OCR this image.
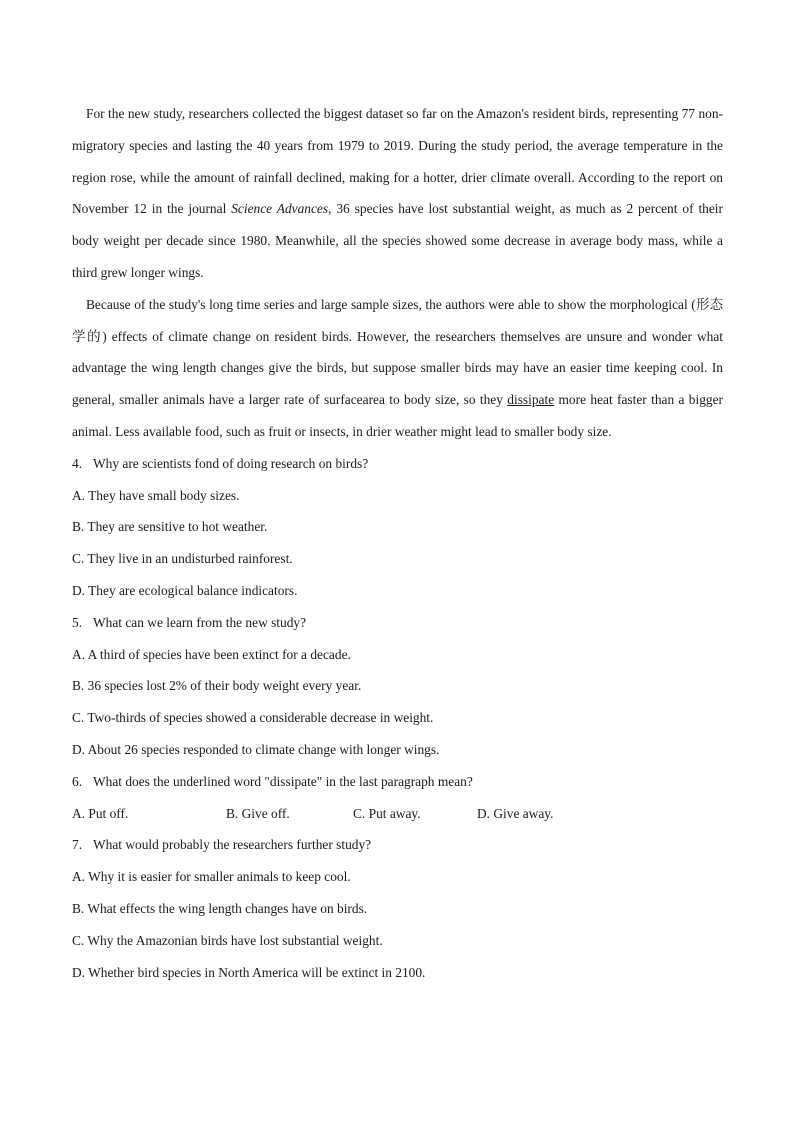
For the new study, researchers collected the biggest dataset so far on the Amazon's resident birds, representing 77 non-migratory species and lasting the 40 years from 1979 to 2019. During the study period, the average temperature in the region rose, while the amount of rainfall declined, making for a hotter, drier climate overall. According to the report on November 12 in the journal Science Advances, 36 species have lost substantial weight, as much as 2 percent of their body weight per decade since 1980. Meanwhile, all the species showed some decrease in average body mass, while a third grew longer wings.

Because of the study's long time series and large sample sizes, the authors were able to show the morphological (形态学的) effects of climate change on resident birds. However, the researchers themselves are unsure and wonder what advantage the wing length changes give the birds, but suppose smaller birds may have an easier time keeping cool. In general, smaller animals have a larger rate of surfacearea to body size, so they dissipate more heat faster than a bigger animal. Less available food, such as fruit or insects, in drier weather might lead to smaller body size.

4. Why are scientists fond of doing research on birds?

A. They have small body sizes.

B. They are sensitive to hot weather.

C. They live in an undisturbed rainforest.

D. They are ecological balance indicators.

5. What can we learn from the new study?

A. A third of species have been extinct for a decade.

B. 36 species lost 2% of their body weight every year.

C. Two-thirds of species showed a considerable decrease in weight.

D. About 26 species responded to climate change with longer wings.

6. What does the underlined word "dissipate" in the last paragraph mean?

A. Put off.	B. Give off.	C. Put away.	D. Give away.

7. What would probably the researchers further study?

A. Why it is easier for smaller animals to keep cool.

B. What effects the wing length changes have on birds.

C. Why the Amazonian birds have lost substantial weight.

D. Whether bird species in North America will be extinct in 2100.
